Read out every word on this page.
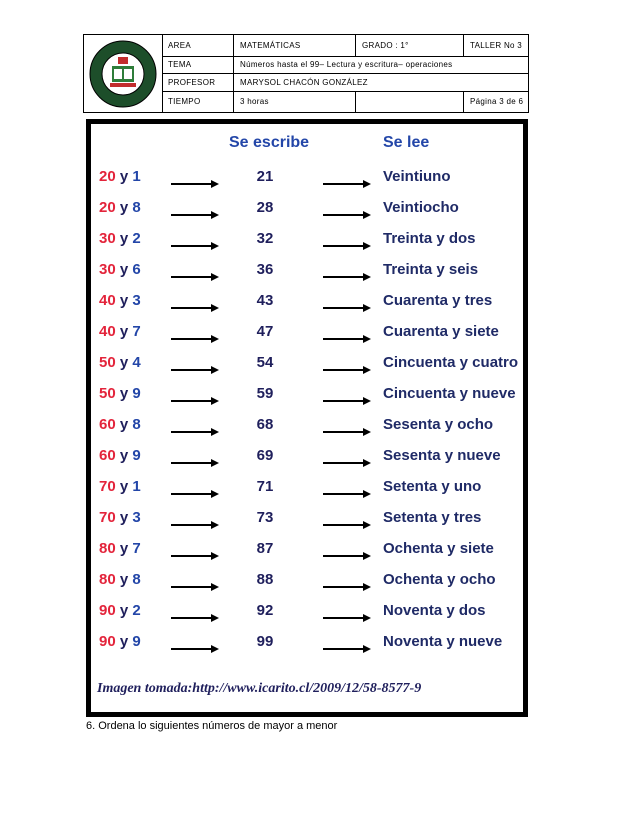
AREA	MATEMÁTICAS	GRADO : 1°	TALLER No 3
TEMA	Números hasta el 99– Lectura y escritura– operaciones
PROFESOR	MARYSOL CHACÓN GONZÁLEZ
TIEMPO	3 horas	Página 3 de 6
Se escribe	Se lee
20 y 1	21	Veintiuno
20 y 8	28	Veintiocho
30 y 2	32	Treinta y dos
30 y 6	36	Treinta y seis
40 y 3	43	Cuarenta y tres
40 y 7	47	Cuarenta y siete
50 y 4	54	Cincuenta y cuatro
50 y 9	59	Cincuenta y nueve
60 y 8	68	Sesenta y ocho
60 y 9	69	Sesenta y nueve
70 y 1	71	Setenta y uno
70 y 3	73	Setenta y tres
80 y 7	87	Ochenta y siete
80 y 8	88	Ochenta y ocho
90 y 2	92	Noventa y dos
90 y 9	99	Noventa y nueve
Imagen tomada:http://www.icarito.cl/2009/12/58-8577-9
6. Ordena lo siguientes números de mayor a menor
